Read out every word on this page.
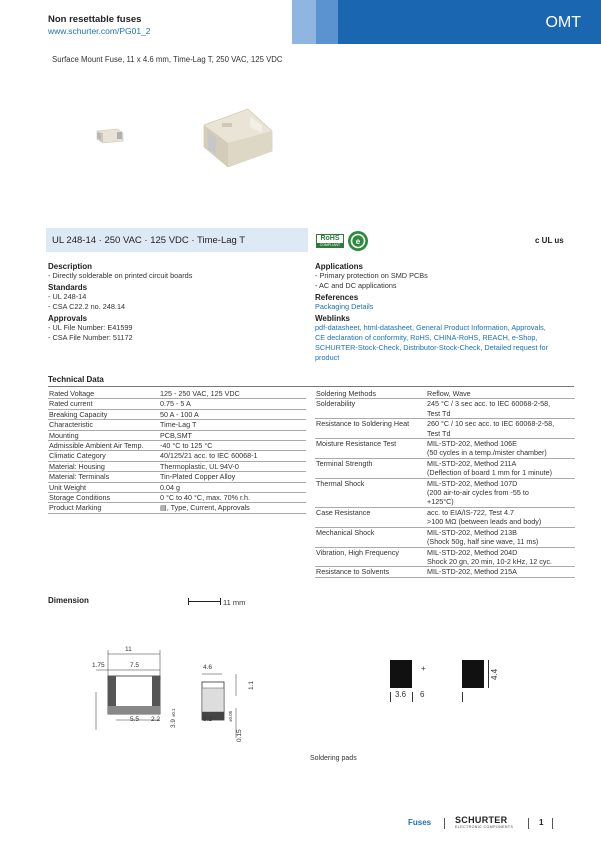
Non resettable fuses
www.schurter.com/PG01_2	OMT
Surface Mount Fuse, 11 x 4.6 mm, Time-Lag T, 250 VAC, 125 VDC
UL 248-14 · 250 VAC · 125 VDC · Time-Lag T	RoHS
COMPLIANT	e	c UL us
Description
- Directly solderable on printed circuit boards
Standards
- UL 248-14
- CSA C22.2 no. 248.14
Approvals
- UL File Number: E41599
- CSA File Number: 51172
Applications
- Primary protection on SMD PCBs
- AC and DC applications
References
Packaging Details
Weblinks
pdf-datasheet, html-datasheet, General Product Information, Approvals,
CE declaration of conformity, RoHS, CHINA-RoHS, REACH, e-Shop,
SCHURTER-Stock-Check, Distributor-Stock-Check, Detailed request for
product
Technical Data
Rated Voltage	125 - 250 VAC, 125 VDC
Rated current	0.75 - 5 A
Breaking Capacity	50 A - 100 A
Characteristic	Time-Lag T
Mounting	PCB,SMT
Admissible Ambient Air Temp.	-40 °C to 125 °C
Climatic Category	40/125/21 acc. to IEC 60068-1
Material: Housing	Thermoplastic, UL 94V-0
Material: Terminals	Tin-Plated Copper Alloy
Unit Weight	0.04 g
Storage Conditions	0 °C to 40 °C, max. 70% r.h.
Product Marking	▤, Type, Current, Approvals
Soldering Methods	Reflow, Wave

Solderability	245 °C / 3 sec acc. to IEC 60068-2-58,
Test Td

Resistance to Soldering Heat	260 °C / 10 sec acc. to IEC 60068-2-58,
Test Td

Moisture Resistance Test	MIL-STD-202, Method 106E
(50 cycles in a temp./mister chamber)

Terminal Strength	MIL-STD-202, Method 211A
(Deflection of board 1 mm for 1 minute)

Thermal Shock	MIL-STD-202, Method 107D
(200 air-to-air cycles from -55 to
+125°C)

Case Resistance	acc. to EIA/IS-722, Test 4.7
>100 MΩ (between leads and body)

Mechanical Shock	MIL-STD-202, Method 213B
(Shock 50g, half sine wave, 11 ms)

Vibration, High Frequency	MIL-STD-202, Method 204D
Shock 20 gn, 20 min, 10-2 kHz, 12 cyc.

Resistance to Solvents	MIL-STD-202, Method 215A
Dimension	11 mm
11
1.75	7.5
5.5 2.2 3.9 ±0.1
4.6
1.1
3.2	±0.05
0.15
+
3.6 6
4.4
Soldering pads
Fuses	SCHURTER
ELECTRONIC COMPONENTS	1
